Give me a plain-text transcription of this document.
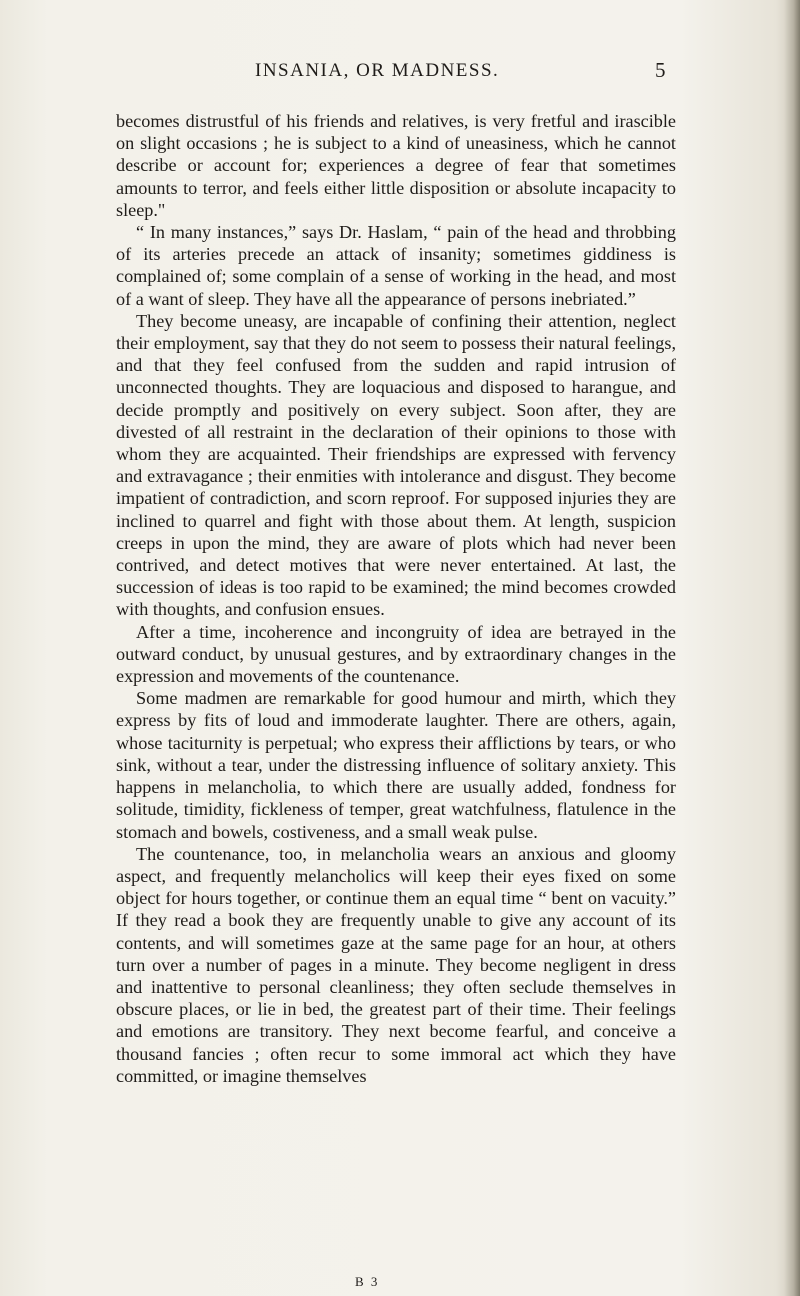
INSANIA, OR MADNESS.	5

becomes distrustful of his friends and relatives, is very fretful and irascible on slight occasions ; he is subject to a kind of uneasiness, which he cannot describe or account for; experiences a degree of fear that sometimes amounts to terror, and feels either little disposition or absolute incapacity to sleep."

“ In many instances,” says Dr. Haslam, “ pain of the head and throbbing of its arteries precede an attack of insanity; sometimes giddiness is complained of; some complain of a sense of working in the head, and most of a want of sleep. They have all the appearance of persons inebriated.”

They become uneasy, are incapable of confining their attention, neglect their employment, say that they do not seem to possess their natural feelings, and that they feel confused from the sudden and rapid intrusion of unconnected thoughts. They are loquacious and disposed to harangue, and decide promptly and positively on every subject. Soon after, they are divested of all restraint in the declaration of their opinions to those with whom they are acquainted. Their friendships are expressed with fervency and extravagance ; their enmities with intolerance and disgust. They become impatient of contradiction, and scorn reproof. For supposed injuries they are inclined to quarrel and fight with those about them. At length, suspicion creeps in upon the mind, they are aware of plots which had never been contrived, and detect motives that were never entertained. At last, the succession of ideas is too rapid to be examined; the mind becomes crowded with thoughts, and confusion ensues.

After a time, incoherence and incongruity of idea are betrayed in the outward conduct, by unusual gestures, and by extraordinary changes in the expression and movements of the countenance.

Some madmen are remarkable for good humour and mirth, which they express by fits of loud and immoderate laughter. There are others, again, whose taciturnity is perpetual; who express their afflictions by tears, or who sink, without a tear, under the distressing influence of solitary anxiety. This happens in melancholia, to which there are usually added, fondness for solitude, timidity, fickleness of temper, great watchfulness, flatulence in the stomach and bowels, costiveness, and a small weak pulse.

The countenance, too, in melancholia wears an anxious and gloomy aspect, and frequently melancholics will keep their eyes fixed on some object for hours together, or continue them an equal time “ bent on vacuity.” If they read a book they are frequently unable to give any account of its contents, and will sometimes gaze at the same page for an hour, at others turn over a number of pages in a minute. They become negligent in dress and inattentive to personal cleanliness; they often seclude themselves in obscure places, or lie in bed, the greatest part of their time. Their feelings and emotions are transitory. They next become fearful, and conceive a thousand fancies ; often recur to some immoral act which they have committed, or imagine themselves

B 3
